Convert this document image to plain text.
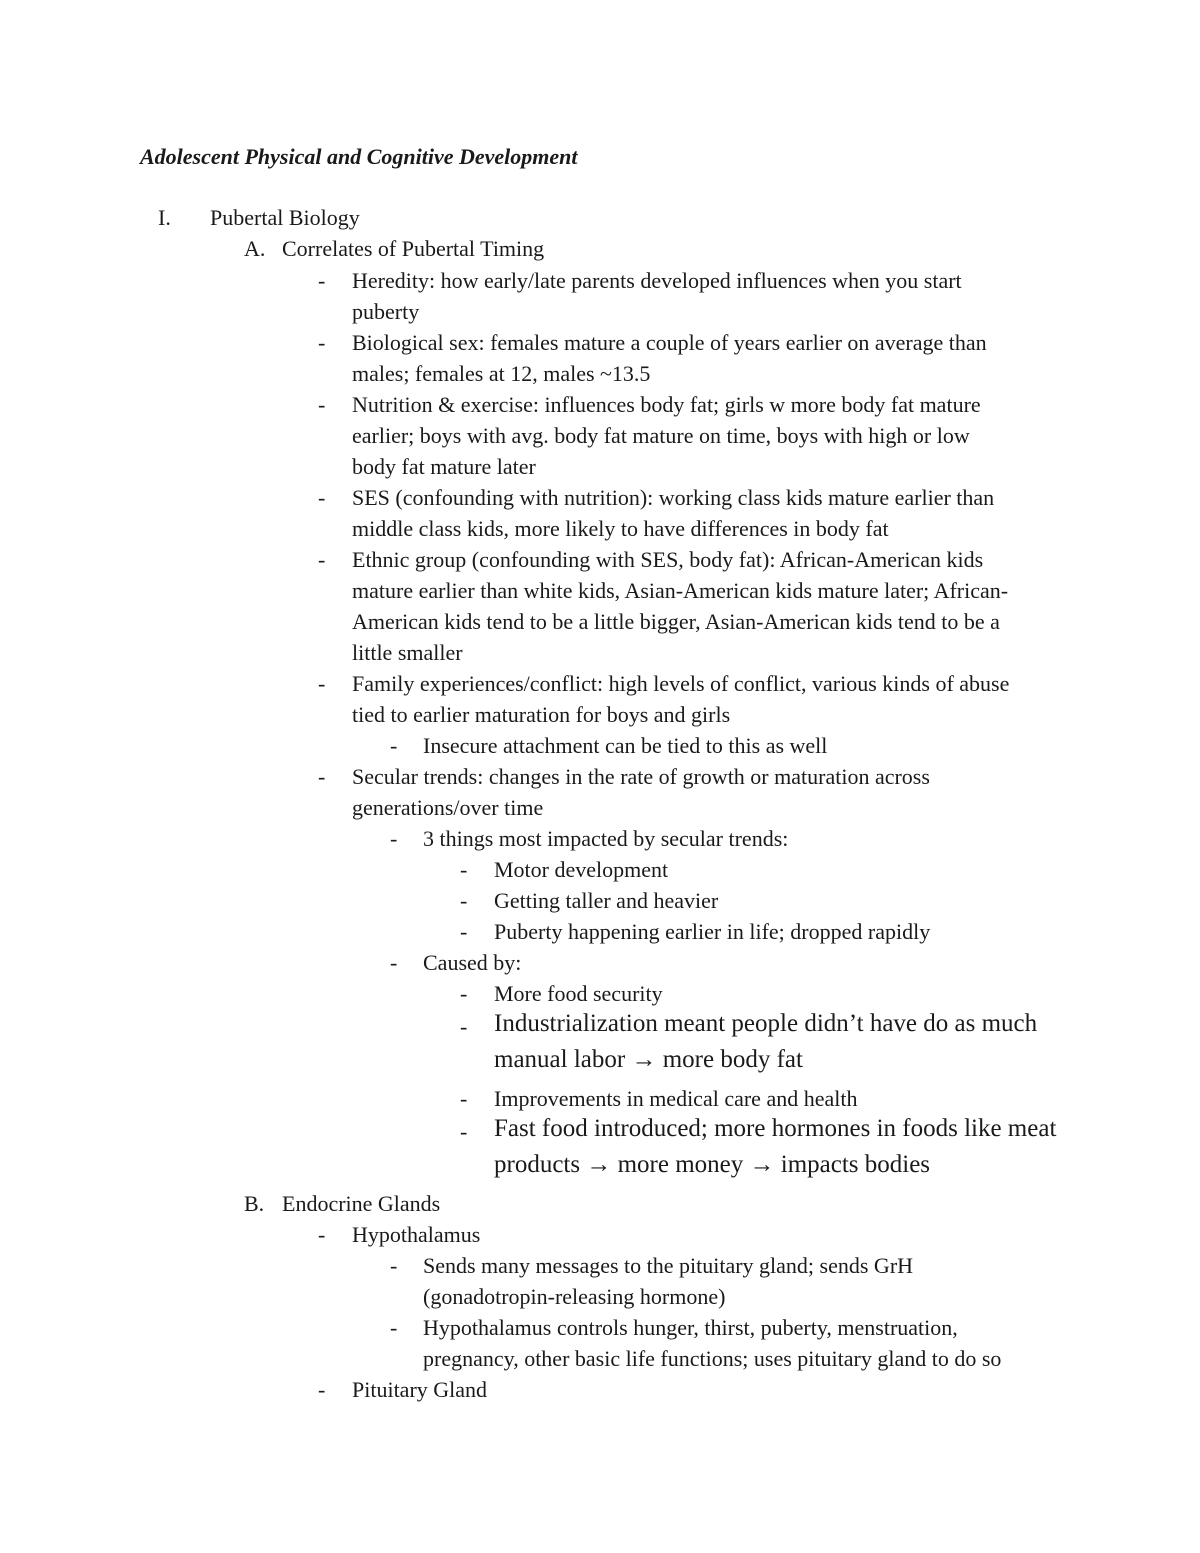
Adolescent Physical and Cognitive Development
I. Pubertal Biology
A. Correlates of Pubertal Timing
- Heredity: how early/late parents developed influences when you start
puberty
- Biological sex: females mature a couple of years earlier on average than
males; females at 12, males ~13.5
- Nutrition & exercise: influences body fat; girls w more body fat mature
earlier; boys with avg. body fat mature on time, boys with high or low
body fat mature later
- SES (confounding with nutrition): working class kids mature earlier than
middle class kids, more likely to have differences in body fat
- Ethnic group (confounding with SES, body fat): African-American kids
mature earlier than white kids, Asian-American kids mature later; African-
American kids tend to be a little bigger, Asian-American kids tend to be a
little smaller
- Family experiences/conflict: high levels of conflict, various kinds of abuse
tied to earlier maturation for boys and girls
- Insecure attachment can be tied to this as well
- Secular trends: changes in the rate of growth or maturation across
generations/over time
- 3 things most impacted by secular trends:
- Motor development
- Getting taller and heavier
- Puberty happening earlier in life; dropped rapidly
- Caused by:
- More food security
- Industrialization meant people didn’t have do as much
manual labor → more body fat
- Improvements in medical care and health
- Fast food introduced; more hormones in foods like meat
products → more money → impacts bodies
B. Endocrine Glands
- Hypothalamus
- Sends many messages to the pituitary gland; sends GrH
(gonadotropin-releasing hormone)
- Hypothalamus controls hunger, thirst, puberty, menstruation,
pregnancy, other basic life functions; uses pituitary gland to do so
- Pituitary Gland
